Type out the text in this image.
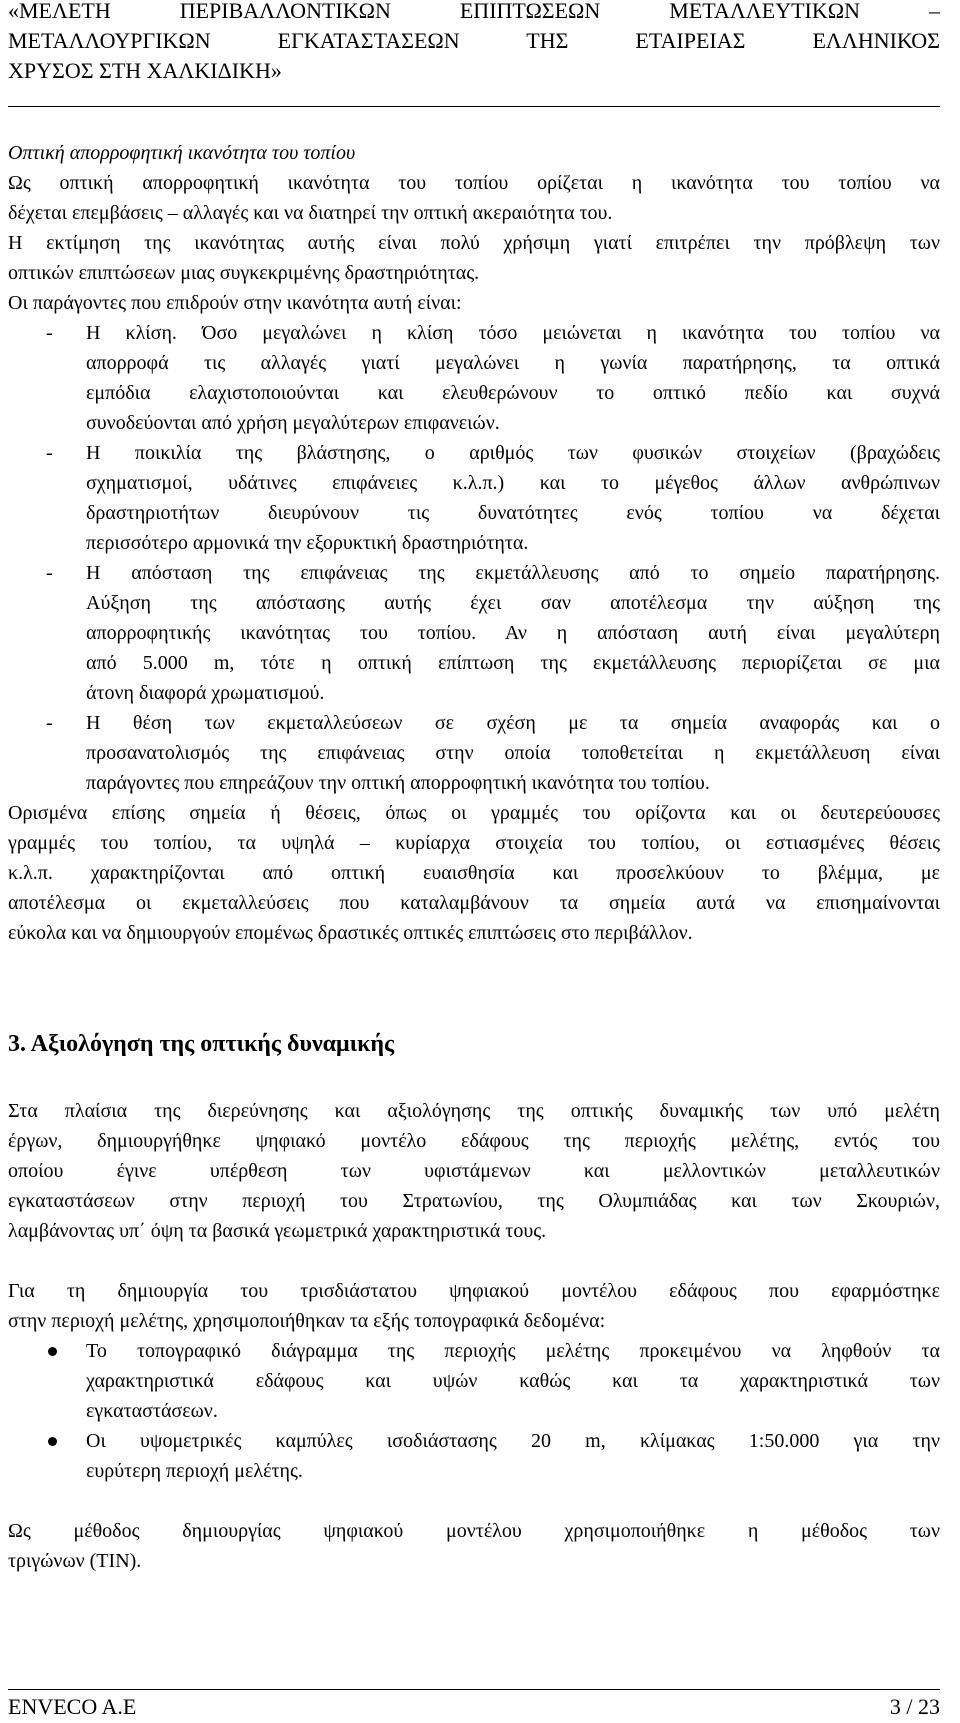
«ΜΕΛΕΤΗ ΠΕΡΙΒΑΛΛΟΝΤΙΚΩΝ ΕΠΙΠΤΩΣΕΩΝ ΜΕΤΑΛΛΕΥΤΙΚΩΝ –
ΜΕΤΑΛΛΟΥΡΓΙΚΩΝ ΕΓΚΑΤΑΣΤΑΣΕΩΝ ΤΗΣ ΕΤΑΙΡΕΙΑΣ ΕΛΛΗΝΙΚΟΣ
ΧΡΥΣΟΣ ΣΤΗ ΧΑΛΚΙΔΙΚΗ»
Οπτική απορροφητική ικανότητα του τοπίου
Ως οπτική απορροφητική ικανότητα του τοπίου ορίζεται η ικανότητα του τοπίου να
δέχεται επεμβάσεις – αλλαγές και να διατηρεί την οπτική ακεραιότητα του.
Η εκτίμηση της ικανότητας αυτής είναι πολύ χρήσιμη γιατί επιτρέπει την πρόβλεψη των
οπτικών επιπτώσεων μιας συγκεκριμένης δραστηριότητας.
Οι παράγοντες που επιδρούν στην ικανότητα αυτή είναι:
- Η κλίση. Όσο μεγαλώνει η κλίση τόσο μειώνεται η ικανότητα του τοπίου να
απορροφά τις αλλαγές γιατί μεγαλώνει η γωνία παρατήρησης, τα οπτικά
εμπόδια ελαχιστοποιούνται και ελευθερώνουν το οπτικό πεδίο και συχνά
συνοδεύονται από χρήση μεγαλύτερων επιφανειών.
- Η ποικιλία της βλάστησης, ο αριθμός των φυσικών στοιχείων (βραχώδεις
σχηματισμοί, υδάτινες επιφάνειες κ.λ.π.) και το μέγεθος άλλων ανθρώπινων
δραστηριοτήτων διευρύνουν τις δυνατότητες ενός τοπίου να δέχεται
περισσότερο αρμονικά την εξορυκτική δραστηριότητα.
- Η απόσταση της επιφάνειας της εκμετάλλευσης από το σημείο παρατήρησης.
Αύξηση της απόστασης αυτής έχει σαν αποτέλεσμα την αύξηση της
απορροφητικής ικανότητας του τοπίου. Αν η απόσταση αυτή είναι μεγαλύτερη
από 5.000 m, τότε η οπτική επίπτωση της εκμετάλλευσης περιορίζεται σε μια
άτονη διαφορά χρωματισμού.
- Η θέση των εκμεταλλεύσεων σε σχέση με τα σημεία αναφοράς και ο
προσανατολισμός της επιφάνειας στην οποία τοποθετείται η εκμετάλλευση είναι
παράγοντες που επηρεάζουν την οπτική απορροφητική ικανότητα του τοπίου.
Ορισμένα επίσης σημεία ή θέσεις, όπως οι γραμμές του ορίζοντα και οι δευτερεύουσες
γραμμές του τοπίου, τα υψηλά – κυρίαρχα στοιχεία του τοπίου, οι εστιασμένες θέσεις
κ.λ.π. χαρακτηρίζονται από οπτική ευαισθησία και προσελκύουν το βλέμμα, με
αποτέλεσμα οι εκμεταλλεύσεις που καταλαμβάνουν τα σημεία αυτά να επισημαίνονται
εύκολα και να δημιουργούν επομένως δραστικές οπτικές επιπτώσεις στο περιβάλλον.
3. Αξιολόγηση της οπτικής δυναμικής
Στα πλαίσια της διερεύνησης και αξιολόγησης της οπτικής δυναμικής των υπό μελέτη
έργων, δημιουργήθηκε ψηφιακό μοντέλο εδάφους της περιοχής μελέτης, εντός του
οποίου έγινε υπέρθεση των υφιστάμενων και μελλοντικών μεταλλευτικών
εγκαταστάσεων στην περιοχή του Στρατωνίου, της Ολυμπιάδας και των Σκουριών,
λαμβάνοντας υπ΄ όψη τα βασικά γεωμετρικά χαρακτηριστικά τους.
Για τη δημιουργία του τρισδιάστατου ψηφιακού μοντέλου εδάφους που εφαρμόστηκε
στην περιοχή μελέτης, χρησιμοποιήθηκαν τα εξής τοπογραφικά δεδομένα:
Το τοπογραφικό διάγραμμα της περιοχής μελέτης προκειμένου να ληφθούν τα
χαρακτηριστικά εδάφους και υψών καθώς και τα χαρακτηριστικά των
εγκαταστάσεων.
Οι υψομετρικές καμπύλες ισοδιάστασης 20 m, κλίμακας 1:50.000 για την
ευρύτερη περιοχή μελέτης.
Ως μέθοδος δημιουργίας ψηφιακού μοντέλου χρησιμοποιήθηκε η μέθοδος των
τριγώνων (TIN).
ENVECO A.E	3 / 23
